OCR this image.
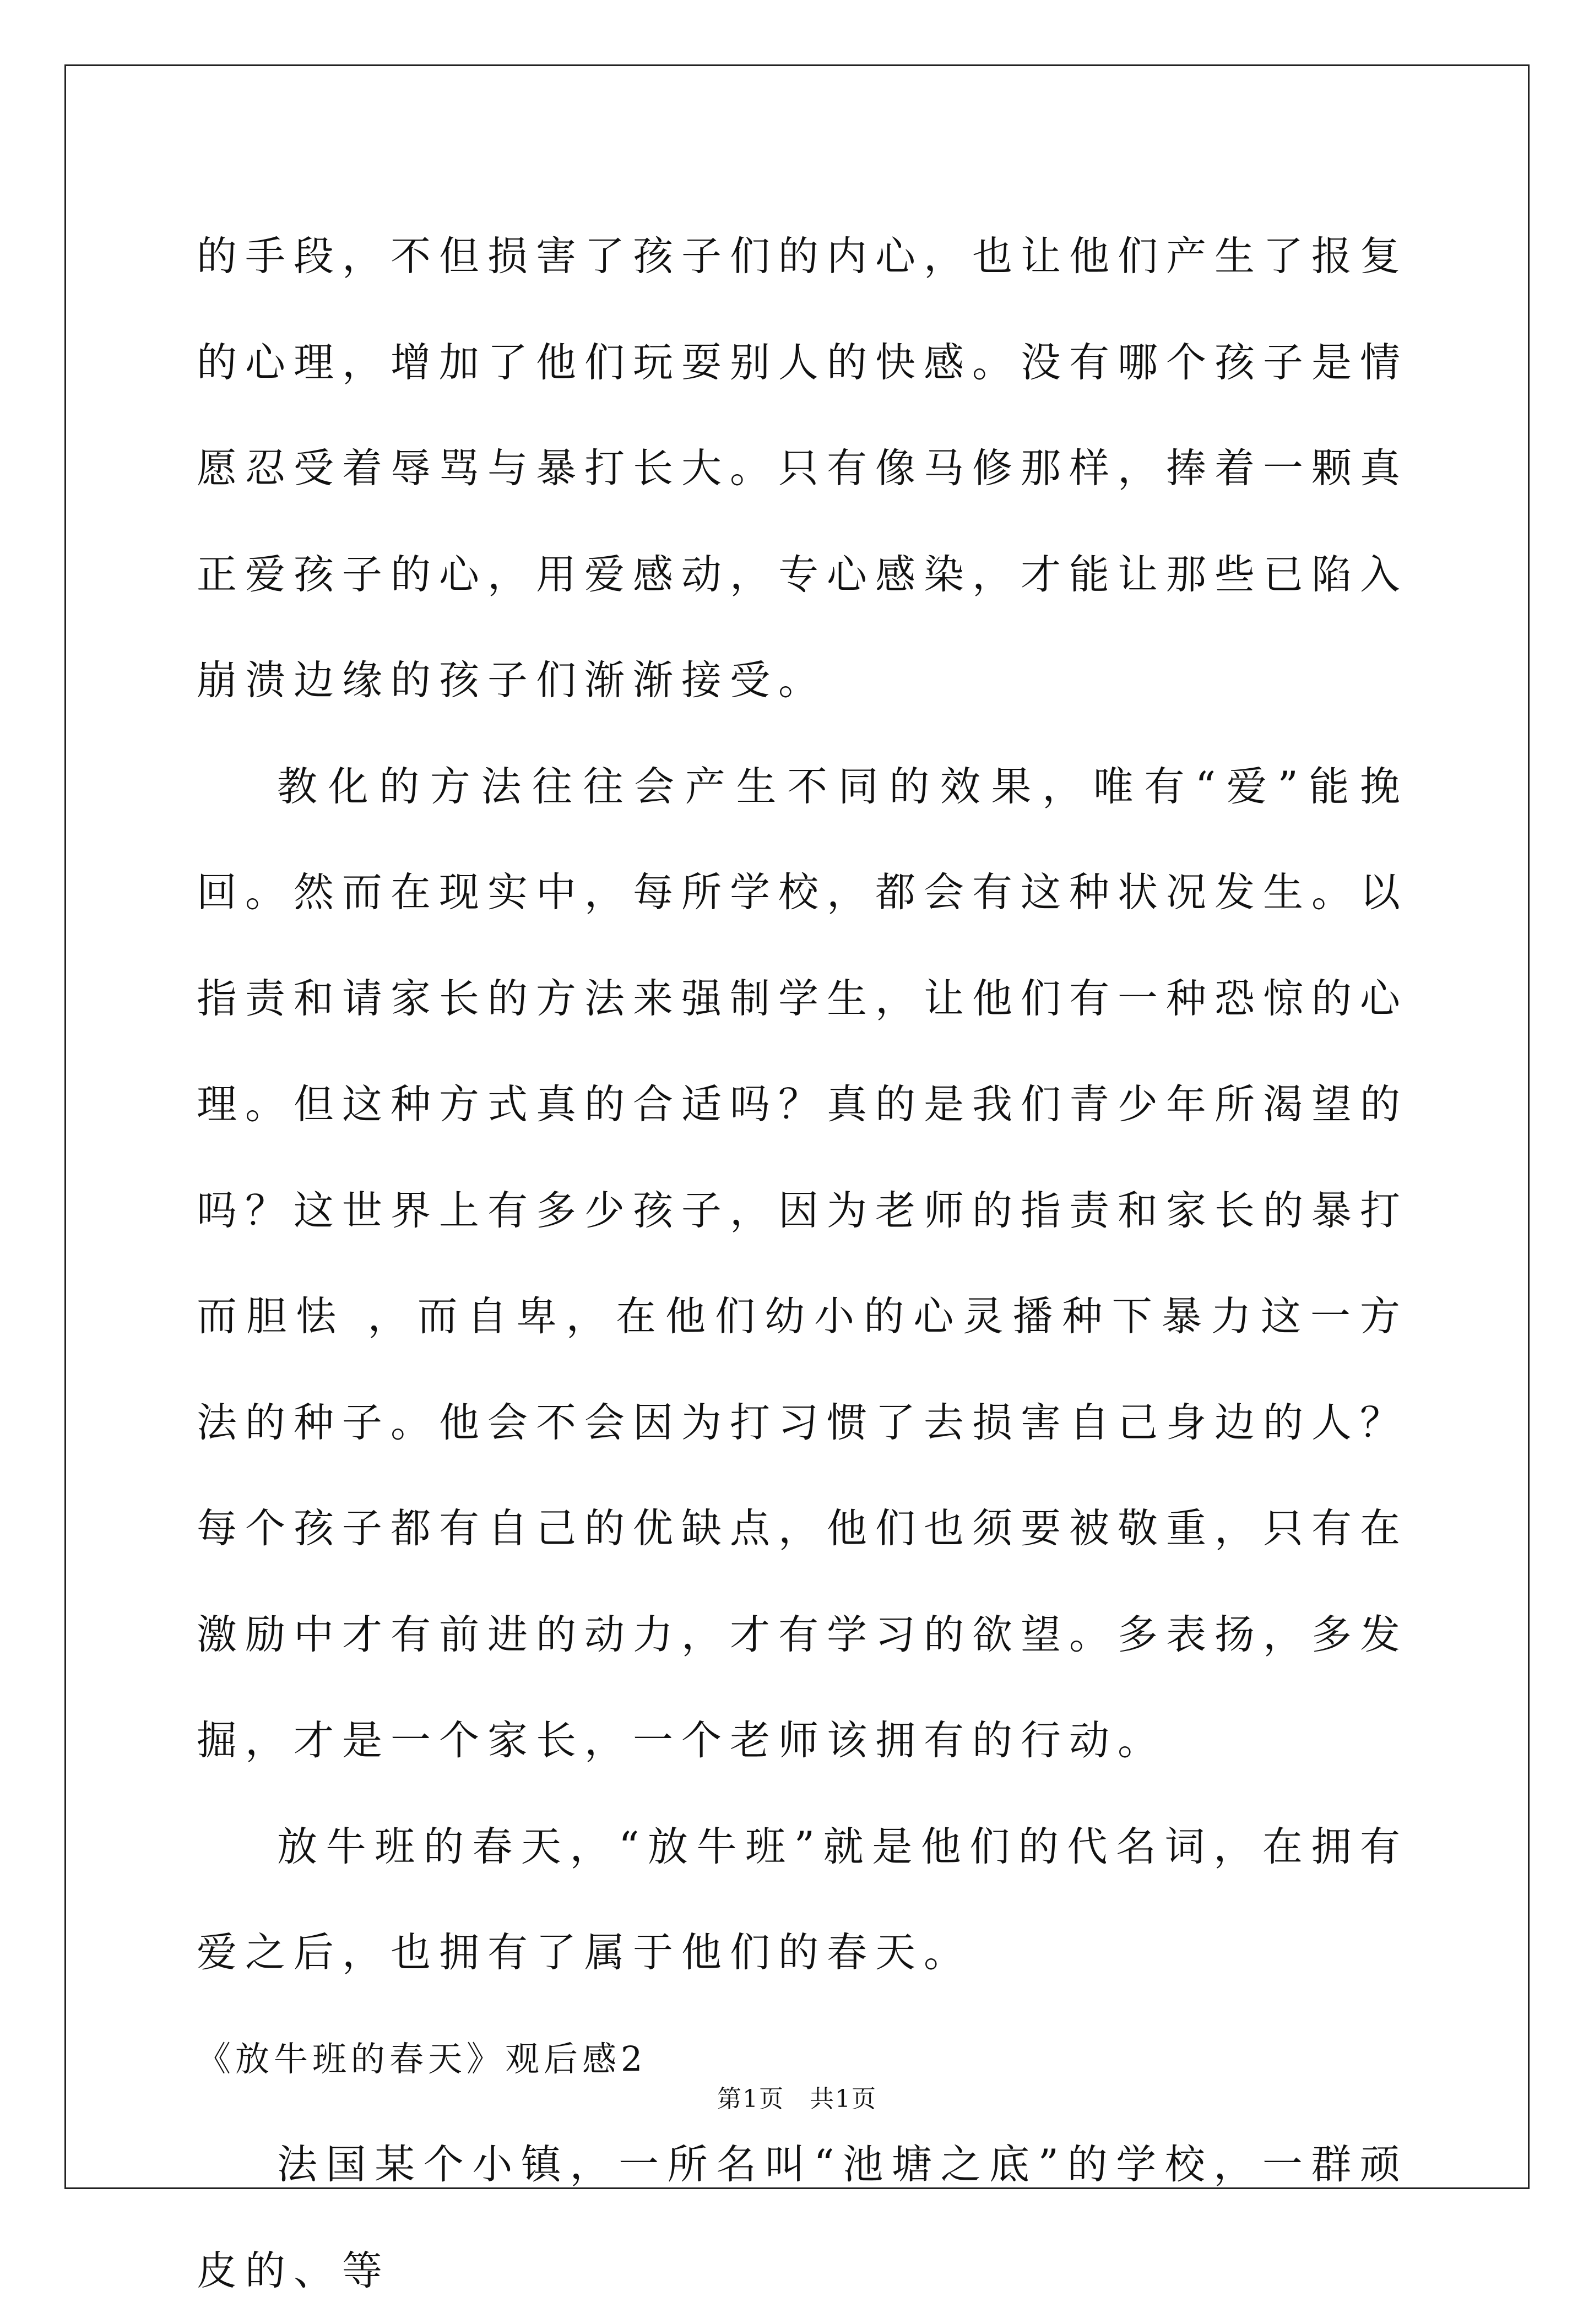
的手段，不但损害了孩子们的内心，也让他们产生了报复的心理，增加了他们玩耍别人的快感。没有哪个孩子是情愿忍受着辱骂与暴打长大。只有像马修那样，捧着一颗真正爱孩子的心，用爱感动，专心感染，才能让那些已陷入崩溃边缘的孩子们渐渐接受。

教化的方法往往会产生不同的效果，唯有“爱”能挽回。然而在现实中，每所学校，都会有这种状况发生。以指责和请家长的方法来强制学生，让他们有一种恐惊的心理。但这种方式真的合适吗？真的是我们青少年所渴望的吗？这世界上有多少孩子，因为老师的指责和家长的暴打而胆怯 ，而自卑，在他们幼小的心灵播种下暴力这一方法的种子。他会不会因为打习惯了去损害自己身边的人？每个孩子都有自己的优缺点，他们也须要被敬重，只有在激励中才有前进的动力，才有学习的欲望。多表扬，多发掘，才是一个家长，一个老师该拥有的行动。

放牛班的春天，“放牛班”就是他们的代名词，在拥有爱之后，也拥有了属于他们的春天。

《放牛班的春天》观后感2

法国某个小镇，一所名叫“池塘之底”的学校，一群顽皮的、等

第1页 共1页
